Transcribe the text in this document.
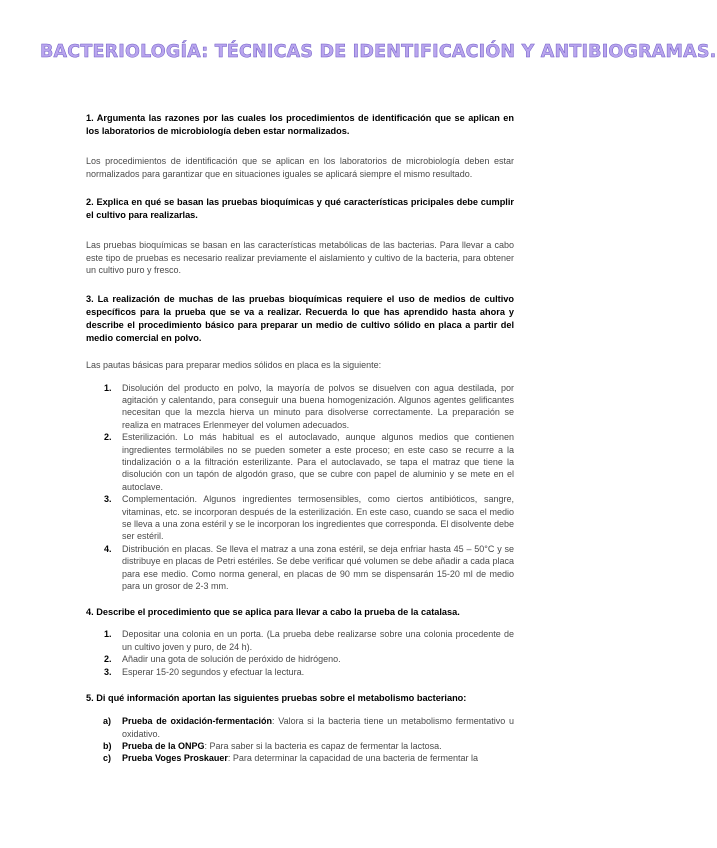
BACTERIOLOGÍA: TÉCNICAS DE IDENTIFICACIÓN Y ANTIBIOGRAMAS.
1. Argumenta las razones por las cuales los procedimientos de identificación que se aplican en los laboratorios de microbiología deben estar normalizados.
Los procedimientos de identificación que se aplican en los laboratorios de microbiología deben estar normalizados para garantizar que en situaciones iguales se aplicará siempre el mismo resultado.
2. Explica en qué se basan las pruebas bioquímicas y qué características pricipales debe cumplir el cultivo para realizarlas.
Las pruebas bioquímicas se basan en las características metabólicas de las bacterias. Para llevar a cabo este tipo de pruebas es necesario realizar previamente el aislamiento y cultivo de la bacteria, para obtener un cultivo puro y fresco.
3. La realización de muchas de las pruebas bioquímicas requiere el uso de medios de cultivo específicos para la prueba que se va a realizar. Recuerda lo que has aprendido hasta ahora y describe el procedimiento básico para preparar un medio de cultivo sólido en placa a partir del medio comercial en polvo.
Las pautas básicas para preparar medios sólidos en placa es la siguiente:
1. Disolución del producto en polvo, la mayoría de polvos se disuelven con agua destilada, por agitación y calentando, para conseguir una buena homogenización. Algunos agentes gelificantes necesitan que la mezcla hierva un minuto para disolverse correctamente. La preparación se realiza en matraces Erlenmeyer del volumen adecuados.
2. Esterilización. Lo más habitual es el autoclavado, aunque algunos medios que contienen ingredientes termolábiles no se pueden someter a este proceso; en este caso se recurre a la tindalización o a la filtración esterilizante. Para el autoclavado, se tapa el matraz que tiene la disolución con un tapón de algodón graso, que se cubre con papel de aluminio y se mete en el autoclave.
3. Complementación. Algunos ingredientes termosensibles, como ciertos antibióticos, sangre, vitaminas, etc. se incorporan después de la esterilización. En este caso, cuando se saca el medio se lleva a una zona estéril y se le incorporan los ingredientes que corresponda. El disolvente debe ser estéril.
4. Distribución en placas. Se lleva el matraz a una zona estéril, se deja enfriar hasta 45 – 50°C y se distribuye en placas de Petri estériles. Se debe verificar qué volumen se debe añadir a cada placa para ese medio. Como norma general, en placas de 90 mm se dispensarán 15-20 ml de medio para un grosor de 2-3 mm.
4. Describe el procedimiento que se aplica para llevar a cabo la prueba de la catalasa.
1. Depositar una colonia en un porta. (La prueba debe realizarse sobre una colonia procedente de un cultivo joven y puro, de 24 h).
2. Añadir una gota de solución de peróxido de hidrógeno.
3. Esperar 15-20 segundos y efectuar la lectura.
5. Di qué información aportan las siguientes pruebas sobre el metabolismo bacteriano:
a) Prueba de oxidación-fermentación: Valora si la bacteria tiene un metabolismo fermentativo u oxidativo.
b) Prueba de la ONPG: Para saber si la bacteria es capaz de fermentar la lactosa.
c) Prueba Voges Proskauer: Para determinar la capacidad de una bacteria de fermentar la
